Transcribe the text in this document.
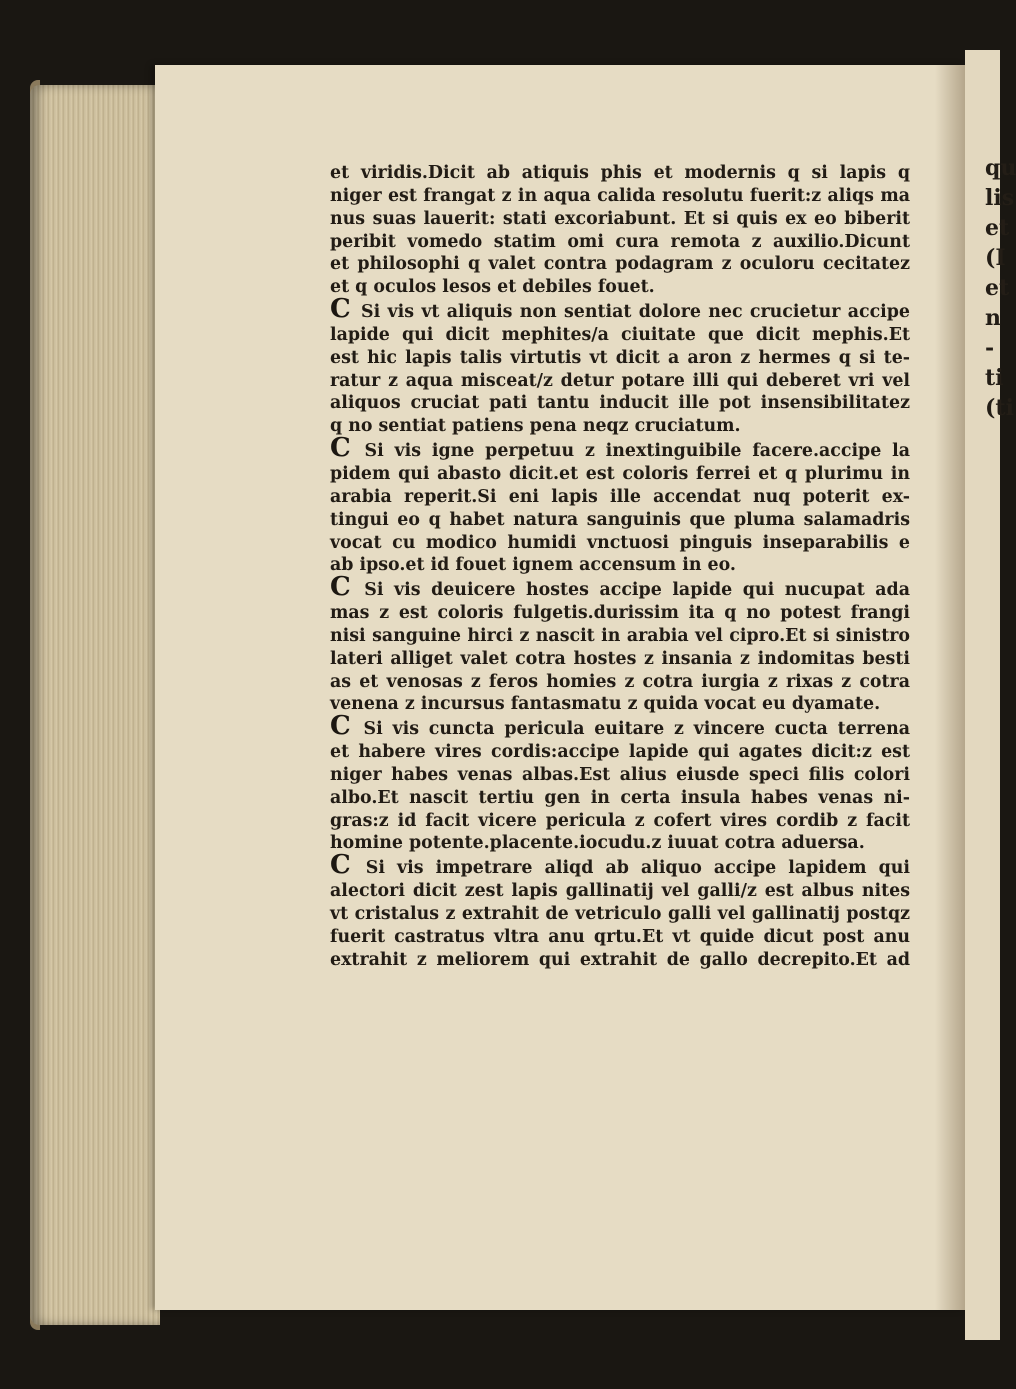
qu
lis
et
(I
et
n
-
ti
(ti
et viridis.Dicit ab atiquis phis et modernis q si lapis q
niger est frangat z in aqua calida resolutu fuerit:z aliqs ma
nus suas lauerit: stati excoriabunt. Et si quis ex eo biberit
peribit vomedo statim omi cura remota z auxilio.Dicunt
et philosophi q valet contra podagram z oculoru cecitatez
et q oculos lesos et debiles fouet.
C Si vis vt aliquis non sentiat dolore nec crucietur accipe
lapide qui dicit mephites/a ciuitate que dicit mephis.Et
est hic lapis talis virtutis vt dicit a aron z hermes q si te-
ratur z aqua misceat/z detur potare illi qui deberet vri vel
aliquos cruciat pati tantu inducit ille pot insensibilitatez
q no sentiat patiens pena neqz cruciatum.
C Si vis igne perpetuu z inextinguibile facere.accipe la
pidem qui abasto dicit.et est coloris ferrei et q plurimu in
arabia reperit.Si eni lapis ille accendat nuq poterit ex-
tingui eo q habet natura sanguinis que pluma salamadris
vocat cu modico humidi vnctuosi pinguis inseparabilis e
ab ipso.et id fouet ignem accensum in eo.
C Si vis deuicere hostes accipe lapide qui nucupat ada
mas z est coloris fulgetis.durissim ita q no potest frangi
nisi sanguine hirci z nascit in arabia vel cipro.Et si sinistro
lateri alliget valet cotra hostes z insania z indomitas besti
as et venosas z feros homies z cotra iurgia z rixas z cotra
venena z incursus fantasmatu z quida vocat eu dyamate.
C Si vis cuncta pericula euitare z vincere cucta terrena
et habere vires cordis:accipe lapide qui agates dicit:z est
niger habes venas albas.Est alius eiusde speci filis colori
albo.Et nascit tertiu gen in certa insula habes venas ni-
gras:z id facit vicere pericula z cofert vires cordib z facit
homine potente.placente.iocudu.z iuuat cotra aduersa.
C Si vis impetrare aliqd ab aliquo accipe lapidem qui
alectori dicit zest lapis gallinatij vel galli/z est albus nites
vt cristalus z extrahit de vetriculo galli vel gallinatij postqz
fuerit castratus vltra anu qrtu.Et vt quide dicut post anu
extrahit z meliorem qui extrahit de gallo decrepito.Et ad
